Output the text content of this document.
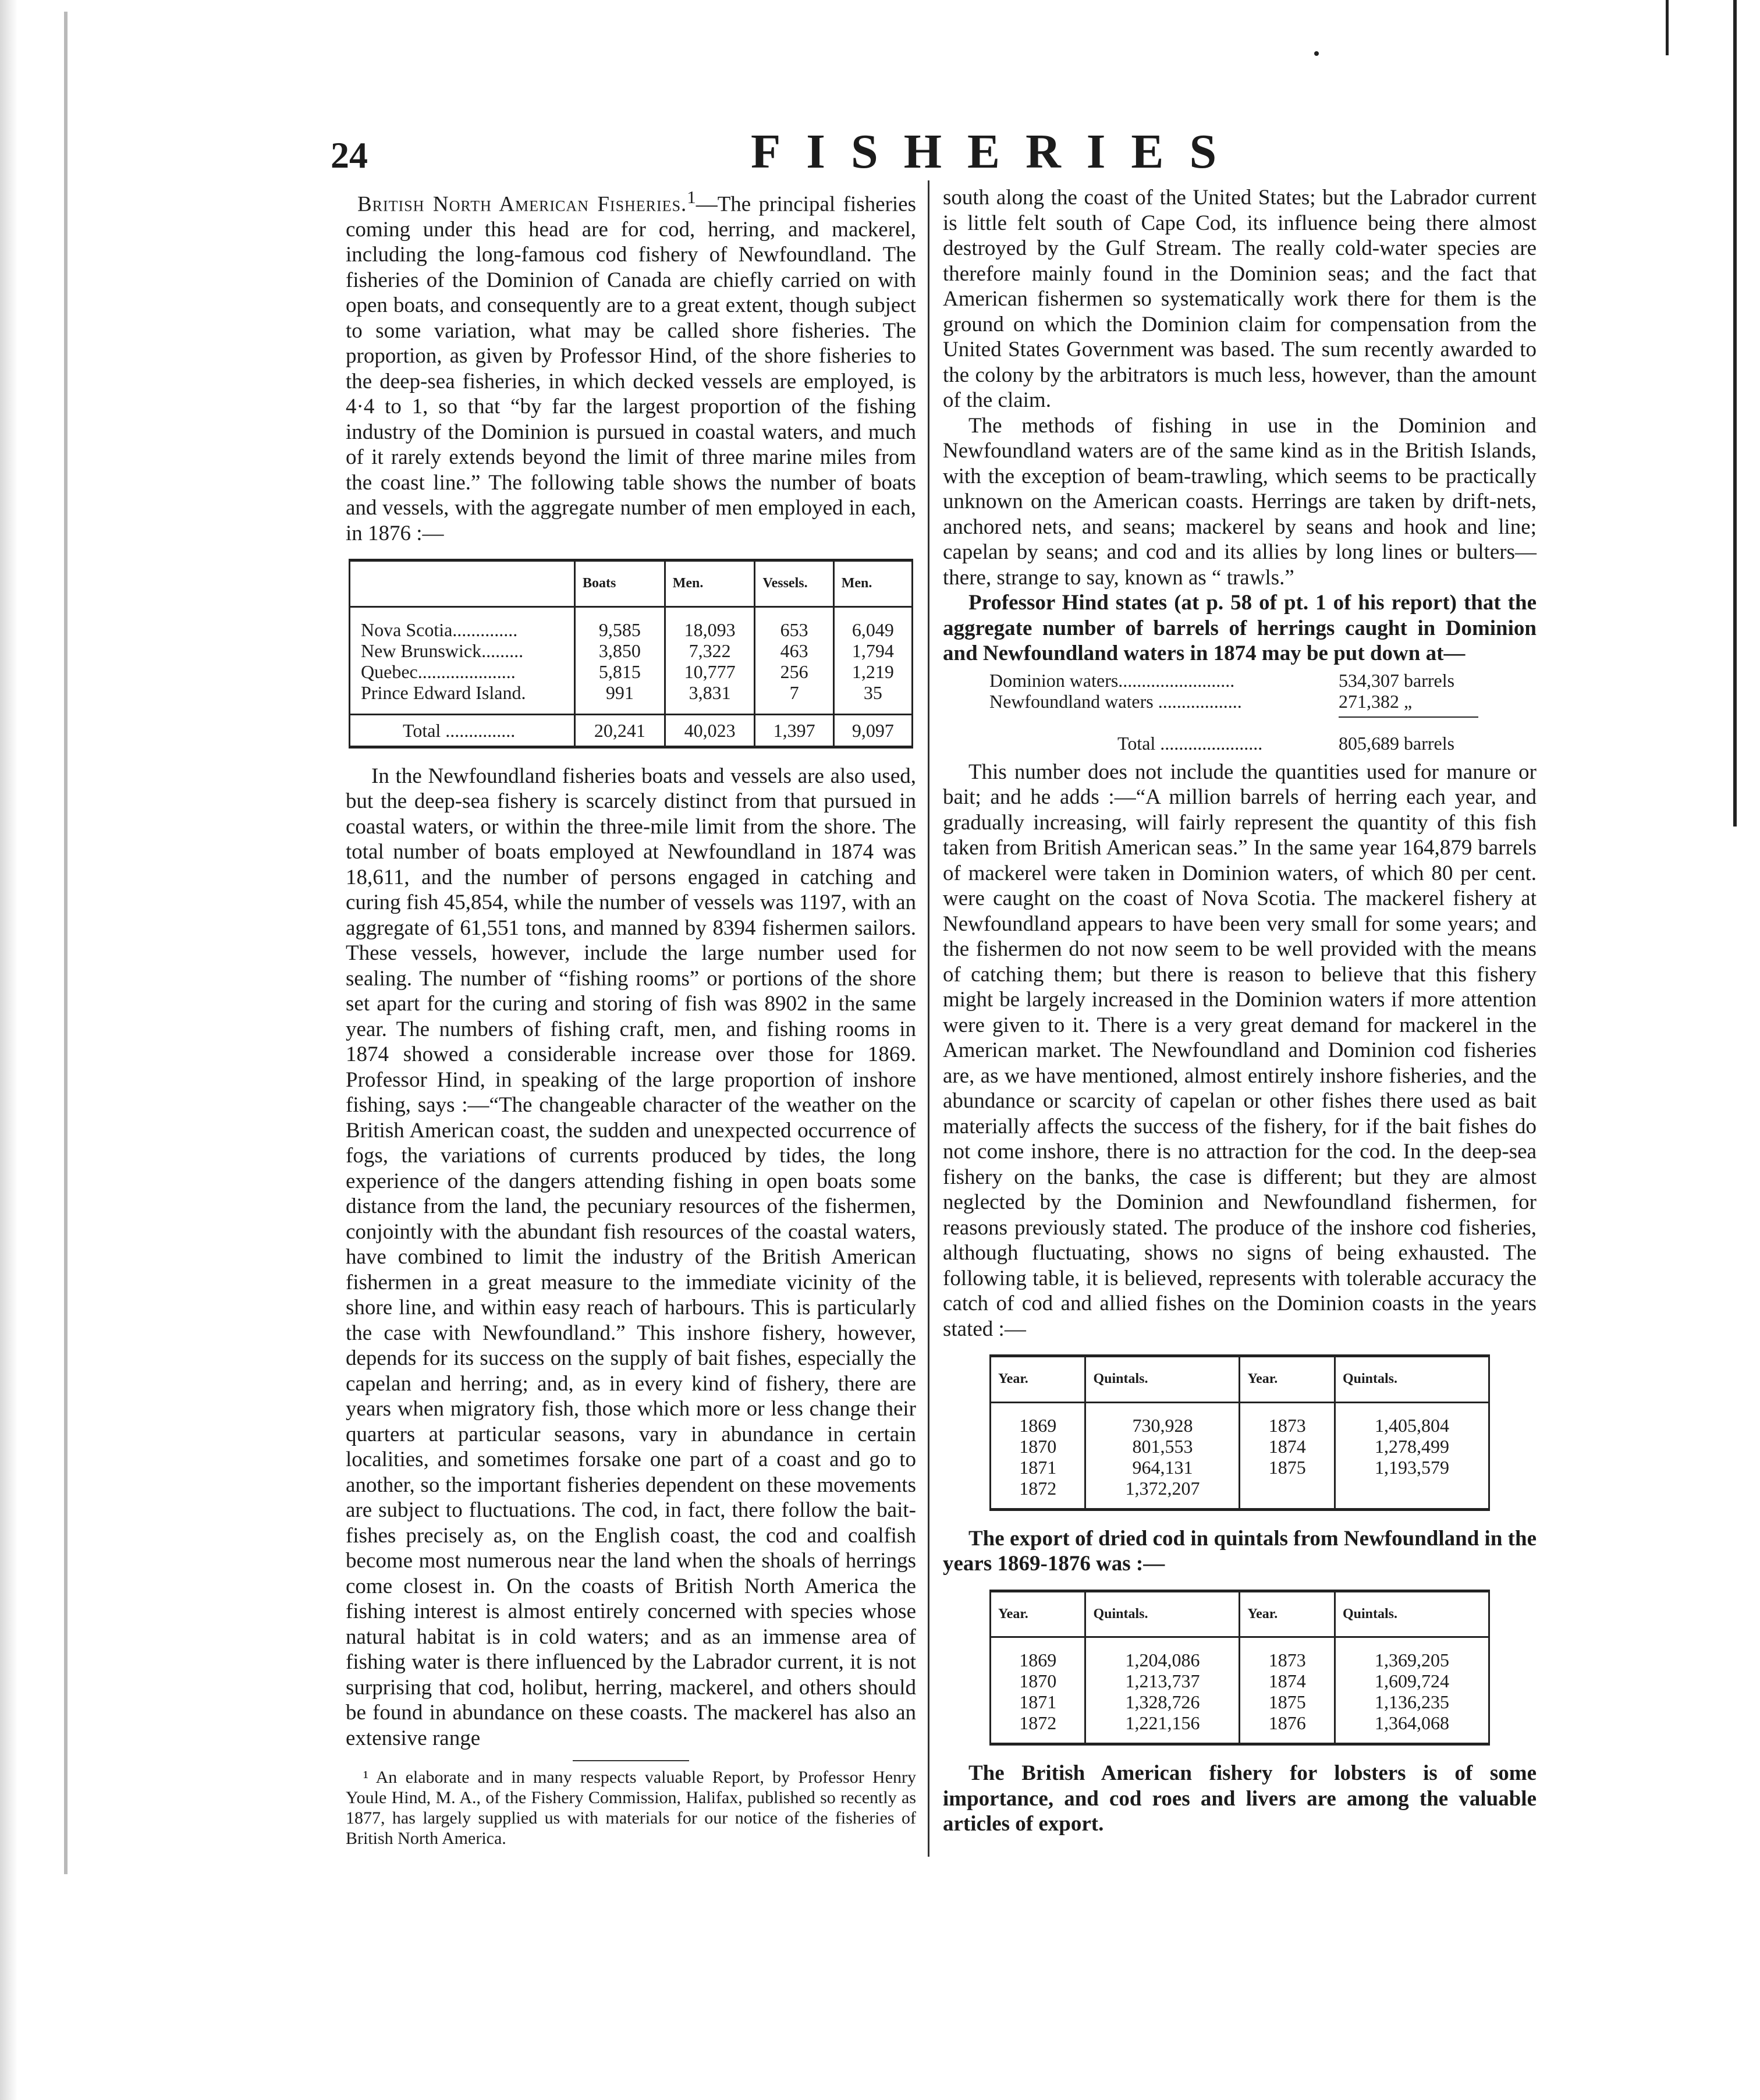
24	FISHERIES

British North American Fisheries.$^1$—The principal fisheries coming under this head are for cod, herring, and mackerel, including the long-famous cod fishery of Newfoundland. The fisheries of the Dominion of Canada are chiefly carried on with open boats, and consequently are to a great extent, though subject to some variation, what may be called shore fisheries. The proportion, as given by Professor Hind, of the shore fisheries to the deep-sea fisheries, in which decked vessels are employed, is 4·4 to 1, so that “by far the largest proportion of the fishing industry of the Dominion is pursued in coastal waters, and much of it rarely extends beyond the limit of three marine miles from the coast line.” The following table shows the number of boats and vessels, with the aggregate number of men employed in each, in 1876 :—

	Boats	Men.	Vessels.	Men.
Nova Scotia..............	9,585	18,093	653	6,049
New Brunswick.........	3,850	7,322	463	1,794
Quebec.....................	5,815	10,777	256	1,219
Prince Edward Island.	991	3,831	7	35
Total ...............	20,241	40,023	1,397	9,097

In the Newfoundland fisheries boats and vessels are also used, but the deep-sea fishery is scarcely distinct from that pursued in coastal waters, or within the three-mile limit from the shore. The total number of boats employed at Newfoundland in 1874 was 18,611, and the number of persons engaged in catching and curing fish 45,854, while the number of vessels was 1197, with an aggregate of 61,551 tons, and manned by 8394 fishermen sailors. These vessels, however, include the large number used for sealing. The number of “fishing rooms” or portions of the shore set apart for the curing and storing of fish was 8902 in the same year. The numbers of fishing craft, men, and fishing rooms in 1874 showed a considerable increase over those for 1869. Professor Hind, in speaking of the large proportion of inshore fishing, says :—“The changeable character of the weather on the British American coast, the sudden and unexpected occurrence of fogs, the variations of currents produced by tides, the long experience of the dangers attending fishing in open boats some distance from the land, the pecuniary resources of the fishermen, conjointly with the abundant fish resources of the coastal waters, have combined to limit the industry of the British American fishermen in a great measure to the immediate vicinity of the shore line, and within easy reach of harbours. This is particularly the case with Newfoundland.” This inshore fishery, however, depends for its success on the supply of bait fishes, especially the capelan and herring; and, as in every kind of fishery, there are years when migratory fish, those which more or less change their quarters at particular seasons, vary in abundance in certain localities, and sometimes forsake one part of a coast and go to another, so the important fisheries dependent on these movements are subject to fluctuations. The cod, in fact, there follow the bait-fishes precisely as, on the English coast, the cod and coalfish become most numerous near the land when the shoals of herrings come closest in. On the coasts of British North America the fishing interest is almost entirely concerned with species whose natural habitat is in cold waters; and as an immense area of fishing water is there influenced by the Labrador current, it is not surprising that cod, holibut, herring, mackerel, and others should be found in abundance on these coasts. The mackerel has also an extensive range

¹ An elaborate and in many respects valuable Report, by Professor Henry Youle Hind, M. A., of the Fishery Commission, Halifax, published so recently as 1877, has largely supplied us with materials for our notice of the fisheries of British North America.

south along the coast of the United States; but the Labrador current is little felt south of Cape Cod, its influence being there almost destroyed by the Gulf Stream. The really cold-water species are therefore mainly found in the Dominion seas; and the fact that American fishermen so systematically work there for them is the ground on which the Dominion claim for compensation from the United States Government was based. The sum recently awarded to the colony by the arbitrators is much less, however, than the amount of the claim.

The methods of fishing in use in the Dominion and Newfoundland waters are of the same kind as in the British Islands, with the exception of beam-trawling, which seems to be practically unknown on the American coasts. Herrings are taken by drift-nets, anchored nets, and seans; mackerel by seans and hook and line; capelan by seans; and cod and its allies by long lines or bulters—there, strange to say, known as “ trawls.”

Professor Hind states (at p. 58 of pt. 1 of his report) that the aggregate number of barrels of herrings caught in Dominion and Newfoundland waters in 1874 may be put down at—

Dominion waters.........................	534,307 barrels
Newfoundland waters ..................	271,382 „
Total ......................	805,689 barrels

This number does not include the quantities used for manure or bait; and he adds :—“A million barrels of herring each year, and gradually increasing, will fairly represent the quantity of this fish taken from British American seas.” In the same year 164,879 barrels of mackerel were taken in Dominion waters, of which 80 per cent. were caught on the coast of Nova Scotia. The mackerel fishery at Newfoundland appears to have been very small for some years; and the fishermen do not now seem to be well provided with the means of catching them; but there is reason to believe that this fishery might be largely increased in the Dominion waters if more attention were given to it. There is a very great demand for mackerel in the American market. The Newfoundland and Dominion cod fisheries are, as we have mentioned, almost entirely inshore fisheries, and the abundance or scarcity of capelan or other fishes there used as bait materially affects the success of the fishery, for if the bait fishes do not come inshore, there is no attraction for the cod. In the deep-sea fishery on the banks, the case is different; but they are almost neglected by the Dominion and Newfoundland fishermen, for reasons previously stated. The produce of the inshore cod fisheries, although fluctuating, shows no signs of being exhausted. The following table, it is believed, represents with tolerable accuracy the catch of cod and allied fishes on the Dominion coasts in the years stated :—

Year.	Quintals.	Year.	Quintals.
1869	730,928	1873	1,405,804
1870	801,553	1874	1,278,499
1871	964,131	1875	1,193,579
1872	1,372,207		

The export of dried cod in quintals from Newfoundland in the years 1869-1876 was :—

Year.	Quintals.	Year.	Quintals.
1869	1,204,086	1873	1,369,205
1870	1,213,737	1874	1,609,724
1871	1,328,726	1875	1,136,235
1872	1,221,156	1876	1,364,068

The British American fishery for lobsters is of some importance, and cod roes and livers are among the valuable articles of export.
